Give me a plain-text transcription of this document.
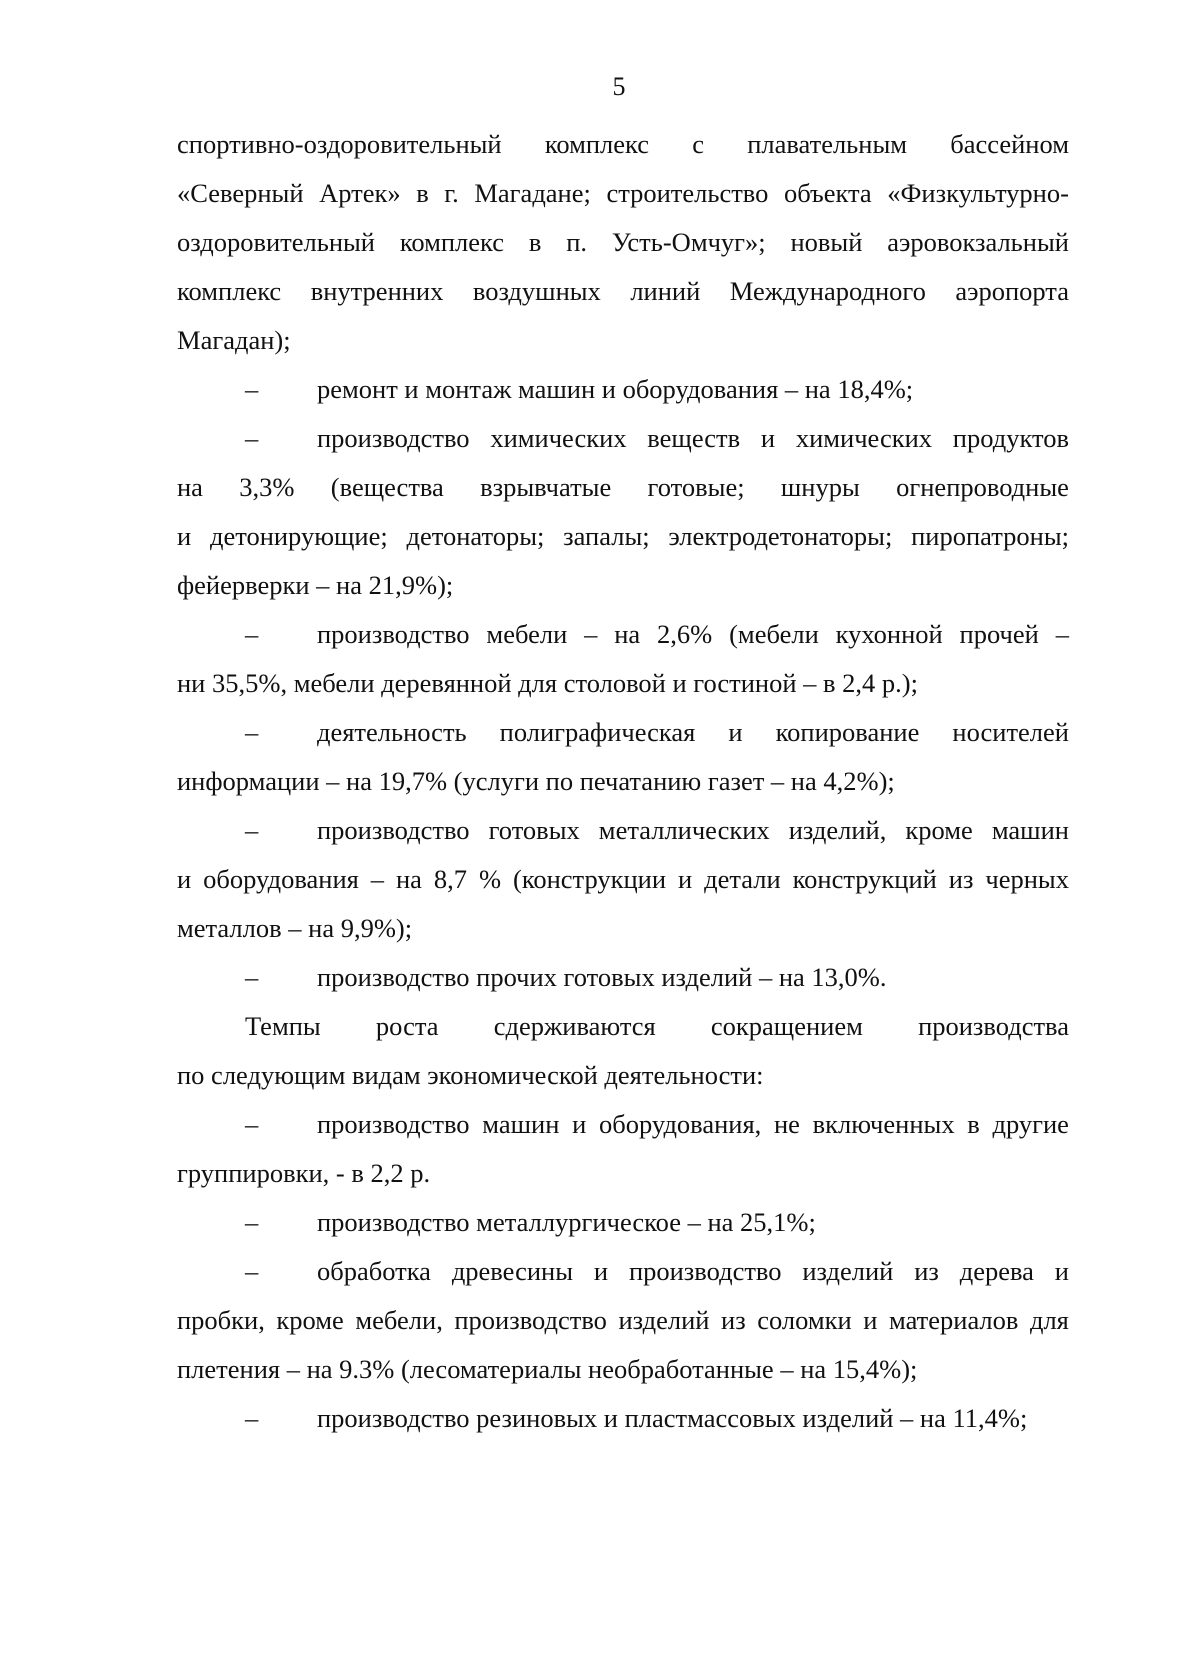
5
спортивно-оздоровительный комплекс с плавательным бассейном
«Северный Артек» в г. Магадане; строительство объекта «Физкультурно-
оздоровительный комплекс в п. Усть-Омчуг»; новый аэровокзальный
комплекс внутренних воздушных линий Международного аэропорта
Магадан);
–	ремонт и монтаж машин и оборудования – на 18,4%;
–	производство химических веществ и химических продуктов
на 3,3% (вещества взрывчатые готовые; шнуры огнепроводные
и детонирующие; детонаторы; запалы; электродетонаторы; пиропатроны;
фейерверки – на 21,9%);
–	производство мебели – на 2,6% (мебели кухонной прочей –
ни 35,5%, мебели деревянной для столовой и гостиной – в 2,4 р.);
–	деятельность полиграфическая и копирование носителей
информации – на 19,7% (услуги по печатанию газет – на 4,2%);
–	производство готовых металлических изделий, кроме машин
и оборудования – на 8,7 % (конструкции и детали конструкций из черных
металлов – на 9,9%);
–	производство прочих готовых изделий – на 13,0%.
Темпы роста сдерживаются сокращением производства
по следующим видам экономической деятельности:
–	производство машин и оборудования, не включенных в другие
группировки, - в 2,2 р.
–	производство металлургическое – на 25,1%;
–	обработка древесины и производство изделий из дерева и
пробки, кроме мебели, производство изделий из соломки и материалов для
плетения – на 9.3% (лесоматериалы необработанные – на 15,4%);
–	производство резиновых и пластмассовых изделий – на 11,4%;
